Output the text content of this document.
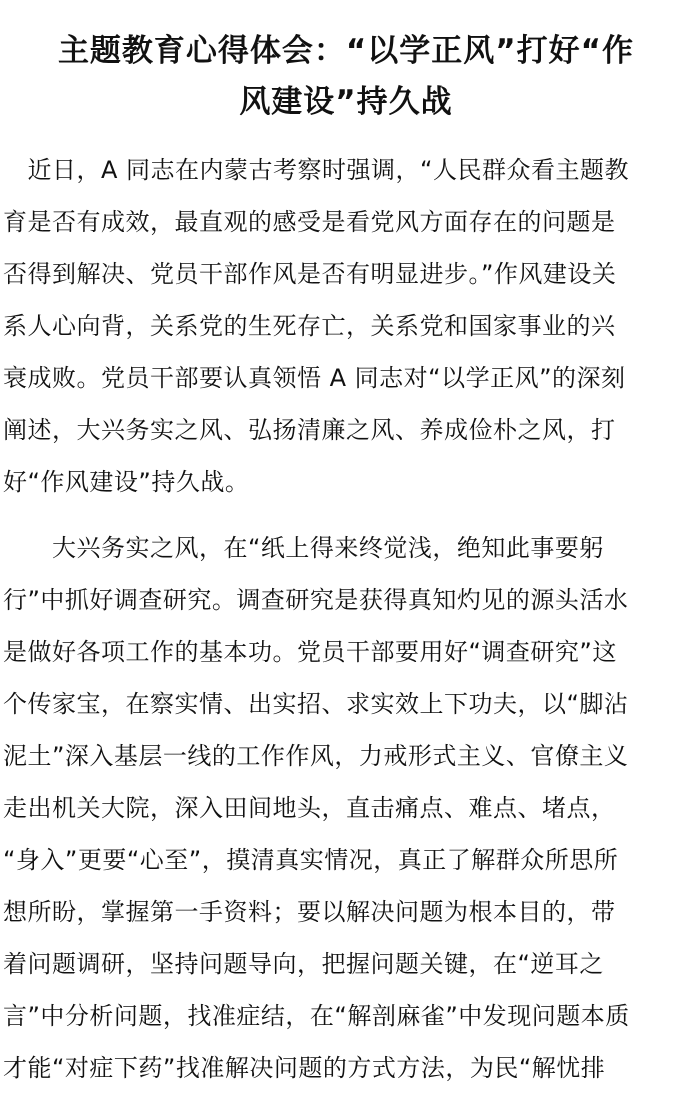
主题教育心得体会：“以学正风”打好“作
风建设”持久战

　近日，A 同志在内蒙古考察时强调，“人民群众看主题教
育是否有成效，最直观的感受是看党风方面存在的问题是
否得到解决、党员干部作风是否有明显进步。”作风建设关
系人心向背，关系党的生死存亡，关系党和国家事业的兴
衰成败。党员干部要认真领悟 A 同志对“以学正风”的深刻
阐述，大兴务实之风、弘扬清廉之风、养成俭朴之风，打
好“作风建设”持久战。

　　大兴务实之风，在“纸上得来终觉浅，绝知此事要躬
行”中抓好调查研究。调查研究是获得真知灼见的源头活水
是做好各项工作的基本功。党员干部要用好“调查研究”这
个传家宝，在察实情、出实招、求实效上下功夫，以“脚沾
泥土”深入基层一线的工作作风，力戒形式主义、官僚主义
走出机关大院，深入田间地头，直击痛点、难点、堵点，
“身入”更要“心至”，摸清真实情况，真正了解群众所思所
想所盼，掌握第一手资料；要以解决问题为根本目的，带
着问题调研，坚持问题导向，把握问题关键，在“逆耳之
言”中分析问题，找准症结，在“解剖麻雀”中发现问题本质
才能“对症下药”找准解决问题的方式方法，为民“解忧排
